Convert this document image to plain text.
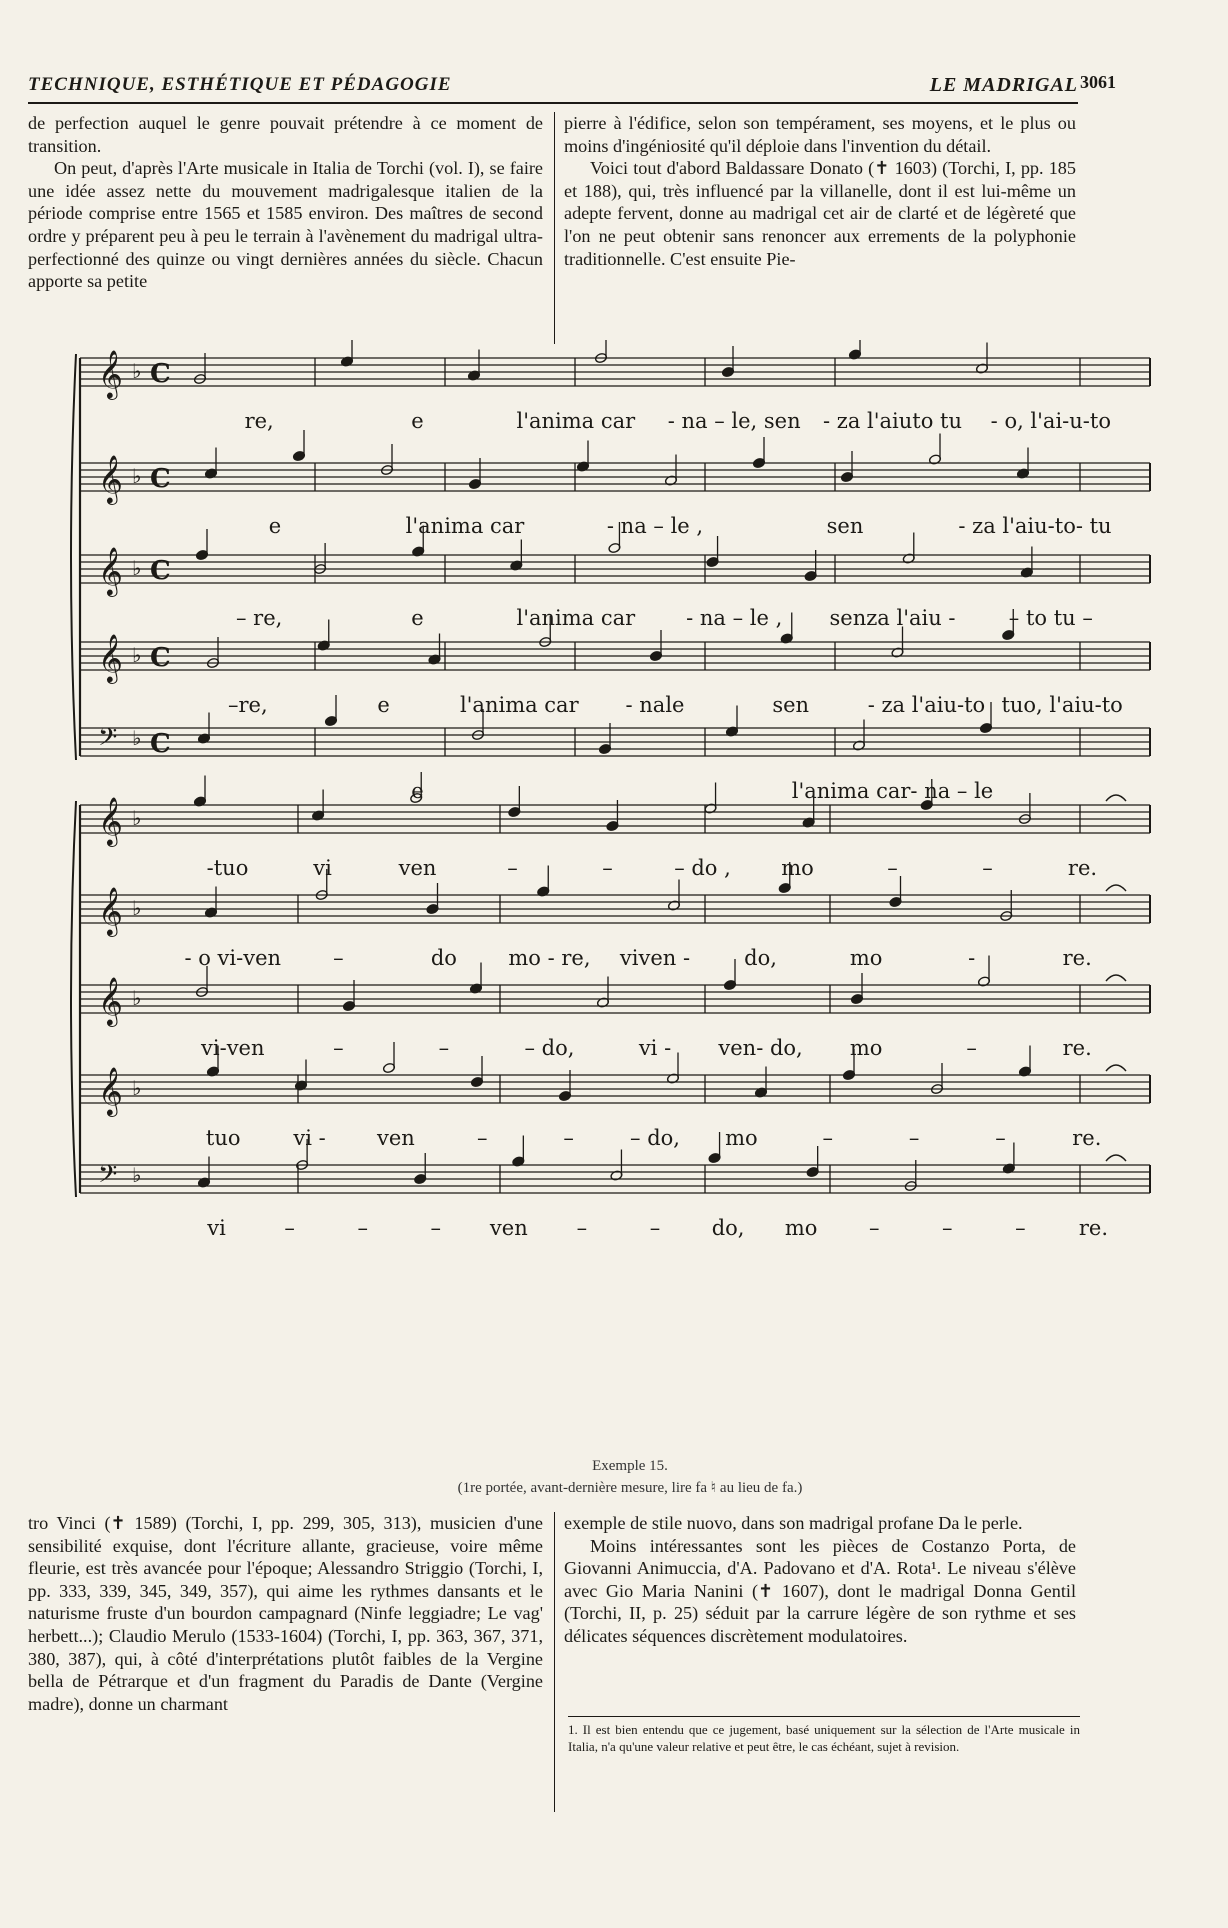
TECHNIQUE, ESTHÉTIQUE ET PÉDAGOGIE	LE MADRIGAL 3061

de perfection auquel le genre pouvait prétendre à ce moment de transition.

On peut, d'après l'Arte musicale in Italia de Torchi (vol. I), se faire une idée assez nette du mouvement madrigalesque italien de la période comprise entre 1565 et 1585 environ. Des maîtres de second ordre y préparent peu à peu le terrain à l'avènement du madrigal ultra-perfectionné des quinze ou vingt dernières années du siècle. Chacun apporte sa petite

pierre à l'édifice, selon son tempérament, ses moyens, et le plus ou moins d'ingéniosité qu'il déploie dans l'invention du détail.

Voici tout d'abord Baldassare Donato (✝ 1603) (Torchi, I, pp. 185 et 188), qui, très influencé par la villanelle, dont il est lui-même un adepte fervent, donne au madrigal cet air de clarté et de légèreté que l'on ne peut obtenir sans renoncer aux errements de la polyphonie traditionnelle. C'est ensuite Pie-

𝄞 ♭ C
𝄞 ♭ C
𝄞 ♭ C
𝄞 ♭ C
𝄢 ♭ C
𝄞 ♭
𝄞 ♭
𝄞 ♭
𝄞 ♭
𝄢 ♭
re,	e	l'anima car - na – le, sen - za l'aiuto tu - o, l'ai-u-to
e	l'anima car	- na – le ,	sen	- za l'aiu-to- tu
– re,	e	l'anima car - na – le , senza l'aiu -	– to tu –
–re,	e	l'anima car - nale	sen	- za l'aiu-to tuo, l'aiu-to
e	l'anima car- na – le
-tuo	vi	ven	–	–	– do , mo	–	–	re.
- o vi-ven –	do mo - re, viven -	do,	mo	-	re.
vi-ven	–	–	– do,	vi - ven- do, mo	–	re.
tuo	vi - ven	–	–	– do, mo	–	–	–	re.
vi	–	–	– ven –	– do, mo –	–	–	re.
Exemple 15.
(1re portée, avant-dernière mesure, lire fa ♮ au lieu de fa.)

tro Vinci (✝ 1589) (Torchi, I, pp. 299, 305, 313), musicien d'une sensibilité exquise, dont l'écriture allante, gracieuse, voire même fleurie, est très avancée pour l'époque; Alessandro Striggio (Torchi, I, pp. 333, 339, 345, 349, 357), qui aime les rythmes dansants et le naturisme fruste d'un bourdon campagnard (Ninfe leggiadre; Le vag' herbett...); Claudio Merulo (1533-1604) (Torchi, I, pp. 363, 367, 371, 380, 387), qui, à côté d'interprétations plutôt faibles de la Vergine bella de Pétrarque et d'un fragment du Paradis de Dante (Vergine madre), donne un charmant

exemple de stile nuovo, dans son madrigal profane Da le perle.

Moins intéressantes sont les pièces de Costanzo Porta, de Giovanni Animuccia, d'A. Padovano et d'A. Rota¹. Le niveau s'élève avec Gio Maria Nanini (✝ 1607), dont le madrigal Donna Gentil (Torchi, II, p. 25) séduit par la carrure légère de son rythme et ses délicates séquences discrètement modulatoires.

1. Il est bien entendu que ce jugement, basé uniquement sur la sélection de l'Arte musicale in Italia, n'a qu'une valeur relative et peut être, le cas échéant, sujet à revision.
